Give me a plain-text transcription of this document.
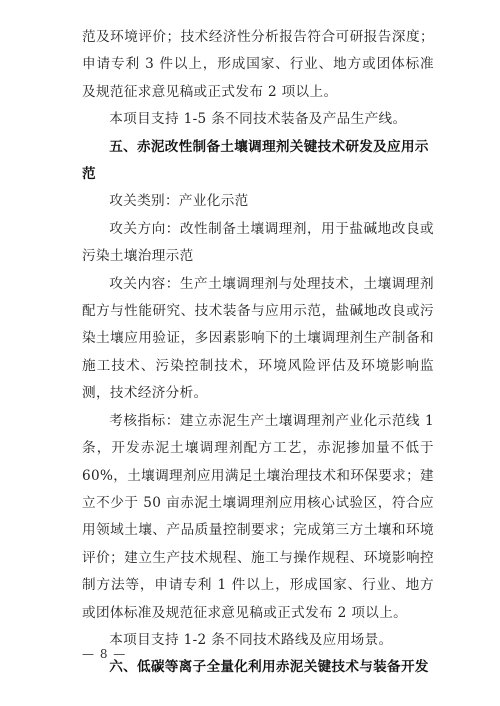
范及环境评价；技术经济性分析报告符合可研报告深度；申请专利 3 件以上，形成国家、行业、地方或团体标准及规范征求意见稿或正式发布 2 项以上。

本项目支持 1-5 条不同技术装备及产品生产线。

五、赤泥改性制备土壤调理剂关键技术研发及应用示范

攻关类别：产业化示范

攻关方向：改性制备土壤调理剂，用于盐碱地改良或污染土壤治理示范

攻关内容：生产土壤调理剂与处理技术，土壤调理剂配方与性能研究、技术装备与应用示范，盐碱地改良或污染土壤应用验证，多因素影响下的土壤调理剂生产制备和施工技术、污染控制技术，环境风险评估及环境影响监测，技术经济分析。

考核指标：建立赤泥生产土壤调理剂产业化示范线 1 条，开发赤泥土壤调理剂配方工艺，赤泥掺加量不低于 60%，土壤调理剂应用满足土壤治理技术和环保要求；建立不少于 50 亩赤泥土壤调理剂应用核心试验区，符合应用领域土壤、产品质量控制要求；完成第三方土壤和环境评价；建立生产技术规程、施工与操作规程、环境影响控制方法等，申请专利 1 件以上，形成国家、行业、地方或团体标准及规范征求意见稿或正式发布 2 项以上。

本项目支持 1-2 条不同技术路线及应用场景。

六、低碳等离子全量化利用赤泥关键技术与装备开发

— 8 —
